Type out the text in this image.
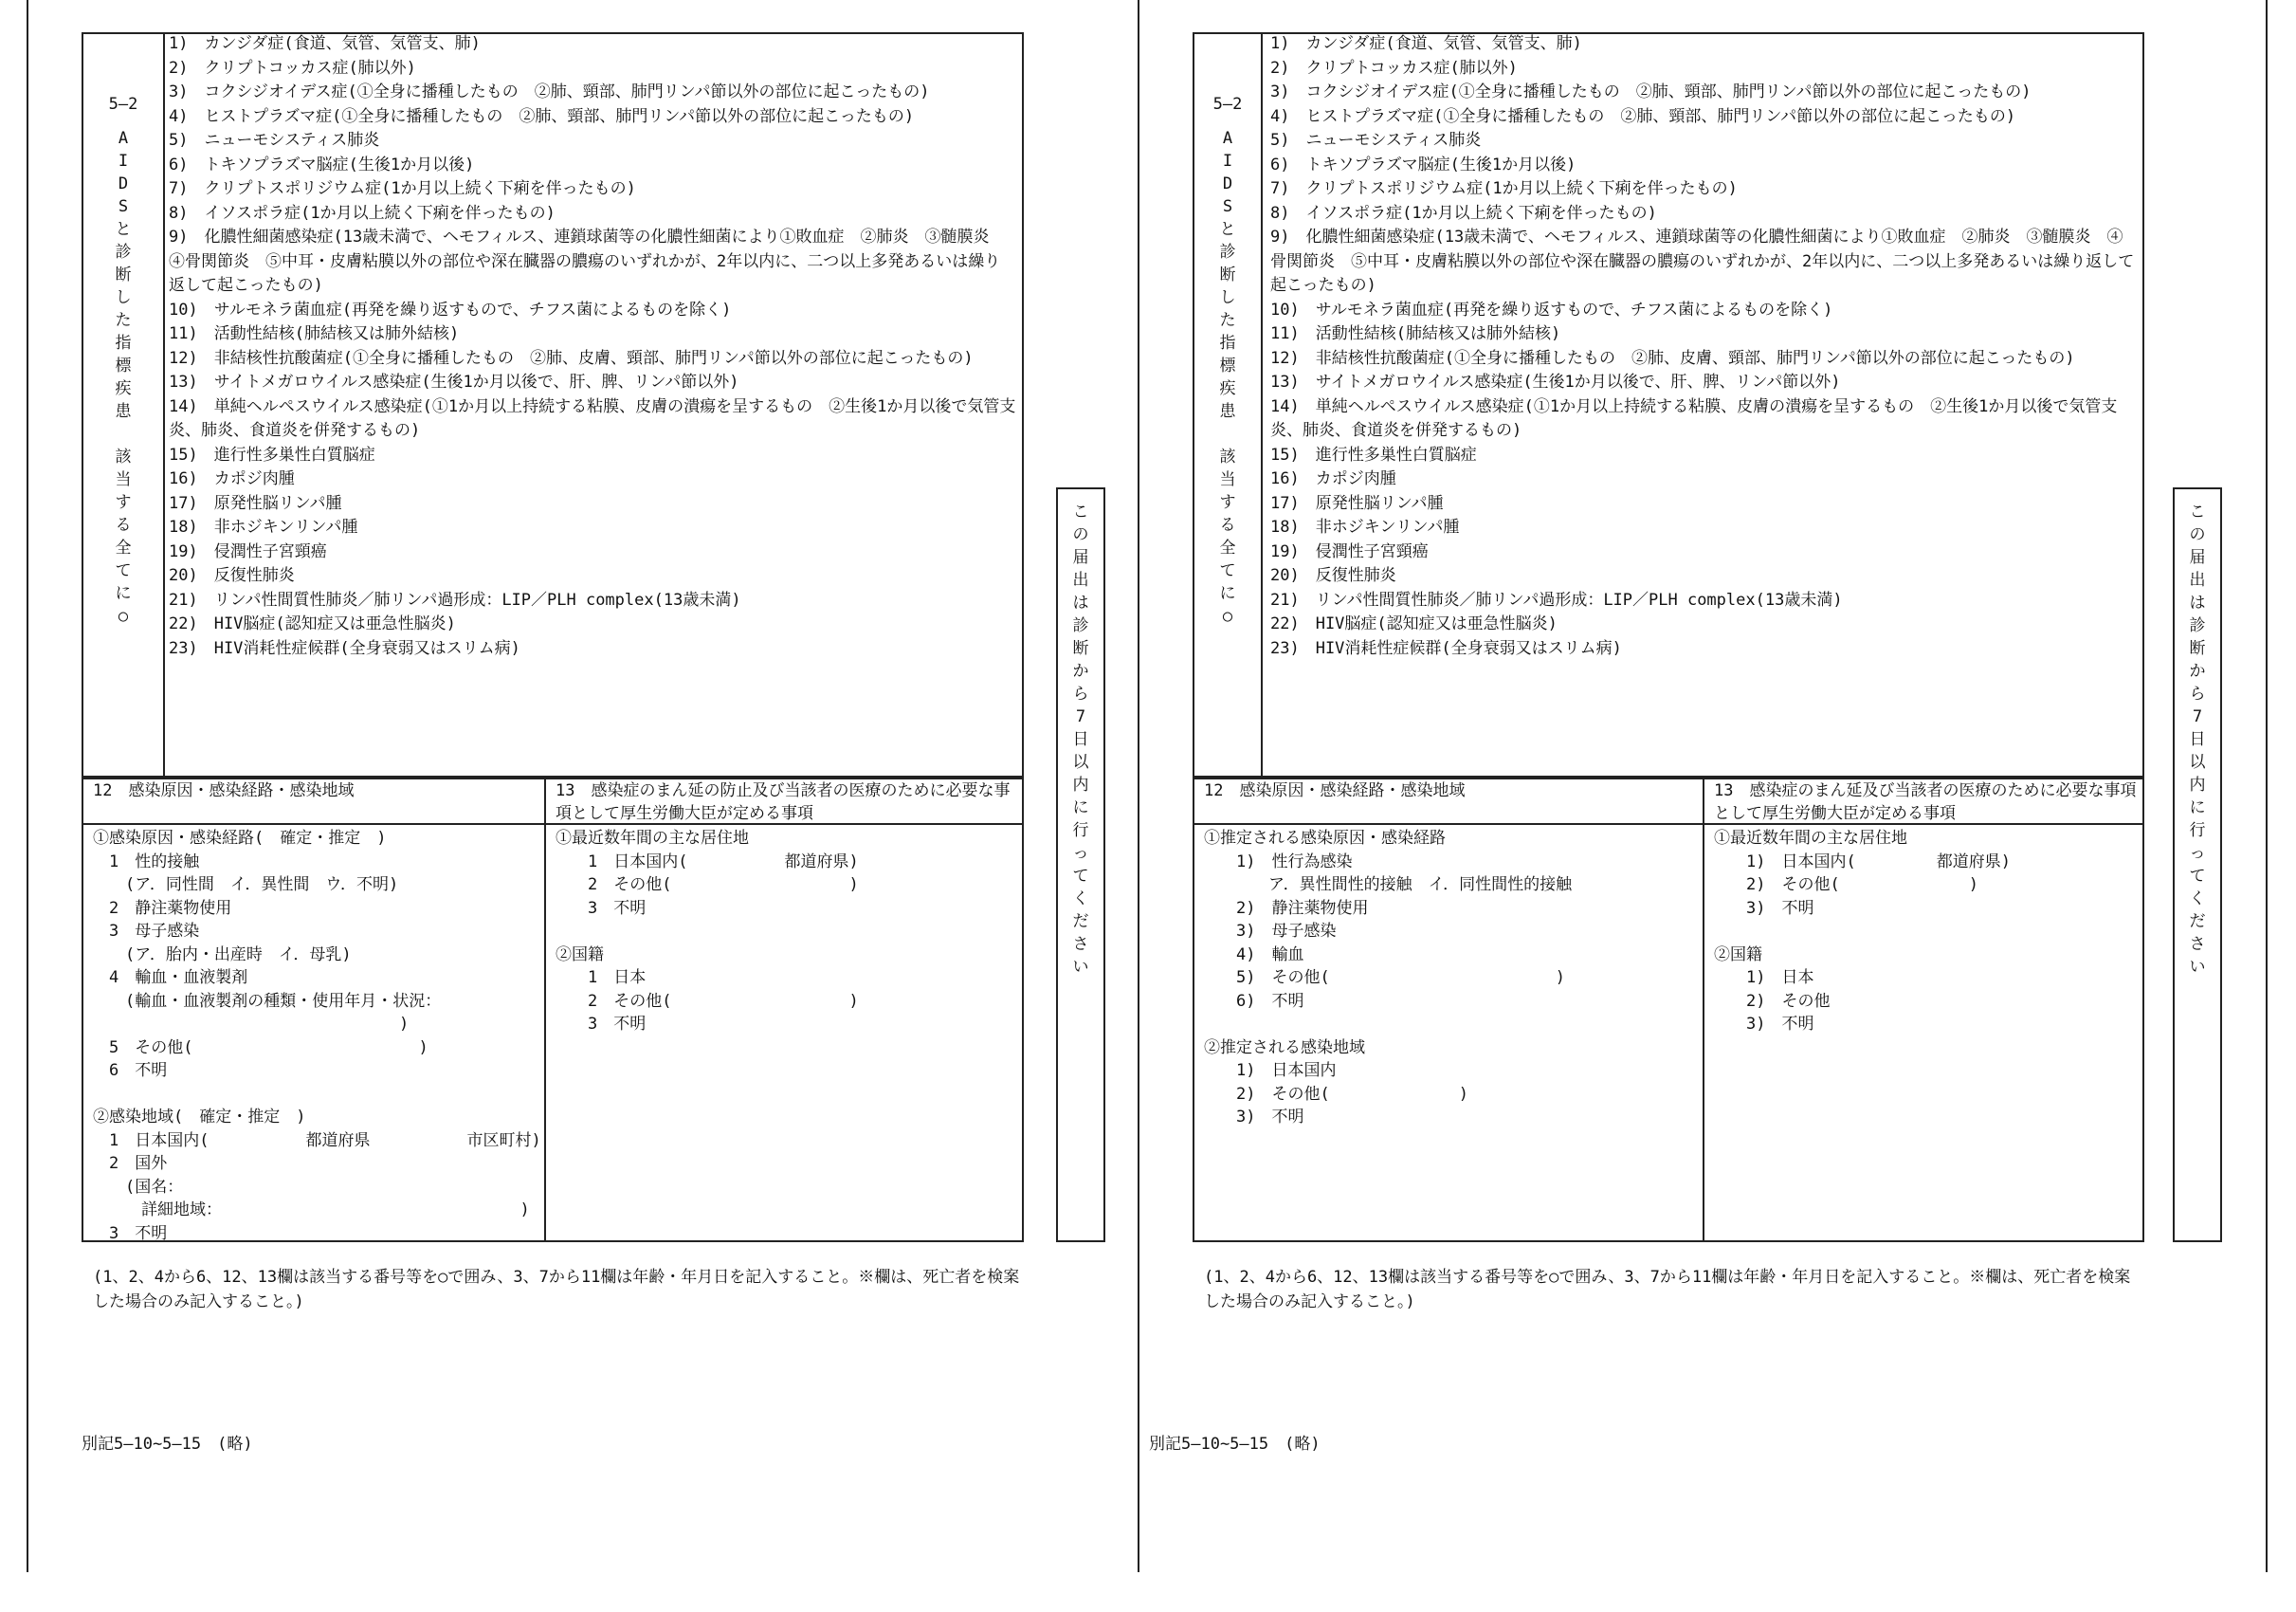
5—2
A
I
D
S
と
診
断
し
た
指
標
疾
患
該
当
す
る
全
て
に
○
1)　カンジダ症(食道、気管、気管支、肺)
2)　クリプトコッカス症(肺以外)
3)　コクシジオイデス症(①全身に播種したもの　②肺、頸部、肺門リンパ節以外の部位に起こったもの)
4)　ヒストプラズマ症(①全身に播種したもの　②肺、頸部、肺門リンパ節以外の部位に起こったもの)
5)　ニューモシスティス肺炎
6)　トキソプラズマ脳症(生後1か月以後)
7)　クリプトスポリジウム症(1か月以上続く下痢を伴ったもの)
8)　イソスポラ症(1か月以上続く下痢を伴ったもの)
9)　化膿性細菌感染症(13歳未満で、ヘモフィルス、連鎖球菌等の化膿性細菌により①敗血症　②肺炎　③髄膜炎　④骨関節炎　⑤中耳・皮膚粘膜以外の部位や深在臓器の膿瘍のいずれかが、2年以内に、二つ以上多発あるいは繰り返して起こったもの)
10)　サルモネラ菌血症(再発を繰り返すもので、チフス菌によるものを除く)
11)　活動性結核(肺結核又は肺外結核)
12)　非結核性抗酸菌症(①全身に播種したもの　②肺、皮膚、頸部、肺門リンパ節以外の部位に起こったもの)
13)　サイトメガロウイルス感染症(生後1か月以後で、肝、脾、リンパ節以外)
14)　単純ヘルペスウイルス感染症(①1か月以上持続する粘膜、皮膚の潰瘍を呈するもの　②生後1か月以後で気管支炎、肺炎、食道炎を併発するもの)
15)　進行性多巣性白質脳症
16)　カポジ肉腫
17)　原発性脳リンパ腫
18)　非ホジキンリンパ腫
19)　侵潤性子宮頸癌
20)　反復性肺炎
21)　リンパ性間質性肺炎／肺リンパ過形成：LIP／PLH complex(13歳未満)
22)　HIV脳症(認知症又は亜急性脳炎)
23)　HIV消耗性症候群(全身衰弱又はスリム病)
12　感染原因・感染経路・感染地域	13　感染症のまん延の防止及び当該者の医療のために必要な事項として厚生労働大臣が定める事項
①感染原因・感染経路(　確定・推定　)
　1　性的接触
　　(ア．同性間　イ．異性間　ウ．不明)
　2　静注薬物使用
　3　母子感染
　　(ア．胎内・出産時　イ．母乳)
　4　輸血・血液製剤
　　(輸血・血液製剤の種類・使用年月・状況：
　　　　　　　　　　　　　　　　　　　)
　5　その他(　　　　　　　　　　　　　　)
　6　不明

②感染地域(　確定・推定　)
　1　日本国内(　　　　　　都道府県　　　　　　市区町村)
　2　国外
　　(国名：
　　　詳細地域：　　　　　　　　　　　　　　　　　　　)
　3　不明
①最近数年間の主な居住地
　　1　日本国内(　　　　　　都道府県)
　　2　その他(　　　　　　　　　　　)
　　3　不明

②国籍
　　1　日本
　　2　その他(　　　　　　　　　　　)
　　3　不明
こ
の
届
出
は
診
断
か
ら
7
日
以
内
に
行
っ
て
く
だ
さ
い
(1、2、4から6、12、13欄は該当する番号等を○で囲み、3、7から11欄は年齢・年月日を記入すること。※欄は、死亡者を検案した場合のみ記入すること。)
別記5—10∼5—15　(略)
5—2
A
I
D
S
と
診
断
し
た
指
標
疾
患
該
当
す
る
全
て
に
○
1)　カンジダ症(食道、気管、気管支、肺)
2)　クリプトコッカス症(肺以外)
3)　コクシジオイデス症(①全身に播種したもの　②肺、頸部、肺門リンパ節以外の部位に起こったもの)
4)　ヒストプラズマ症(①全身に播種したもの　②肺、頸部、肺門リンパ節以外の部位に起こったもの)
5)　ニューモシスティス肺炎
6)　トキソプラズマ脳症(生後1か月以後)
7)　クリプトスポリジウム症(1か月以上続く下痢を伴ったもの)
8)　イソスポラ症(1か月以上続く下痢を伴ったもの)
9)　化膿性細菌感染症(13歳未満で、ヘモフィルス、連鎖球菌等の化膿性細菌により①敗血症　②肺炎　③髄膜炎　④骨関節炎　⑤中耳・皮膚粘膜以外の部位や深在臓器の膿瘍のいずれかが、2年以内に、二つ以上多発あるいは繰り返して起こったもの)
10)　サルモネラ菌血症(再発を繰り返すもので、チフス菌によるものを除く)
11)　活動性結核(肺結核又は肺外結核)
12)　非結核性抗酸菌症(①全身に播種したもの　②肺、皮膚、頸部、肺門リンパ節以外の部位に起こったもの)
13)　サイトメガロウイルス感染症(生後1か月以後で、肝、脾、リンパ節以外)
14)　単純ヘルペスウイルス感染症(①1か月以上持続する粘膜、皮膚の潰瘍を呈するもの　②生後1か月以後で気管支炎、肺炎、食道炎を併発するもの)
15)　進行性多巣性白質脳症
16)　カポジ肉腫
17)　原発性脳リンパ腫
18)　非ホジキンリンパ腫
19)　侵潤性子宮頸癌
20)　反復性肺炎
21)　リンパ性間質性肺炎／肺リンパ過形成：LIP／PLH complex(13歳未満)
22)　HIV脳症(認知症又は亜急性脳炎)
23)　HIV消耗性症候群(全身衰弱又はスリム病)
12　感染原因・感染経路・感染地域	13　感染症のまん延及び当該者の医療のために必要な事項として厚生労働大臣が定める事項
①推定される感染原因・感染経路
　　1)　性行為感染
　　　　ア．異性間性的接触　イ．同性間性的接触
　　2)　静注薬物使用
　　3)　母子感染
　　4)　輸血
　　5)　その他(　　　　　　　　　　　　　　)
　　6)　不明

②推定される感染地域
　　1)　日本国内
　　2)　その他(　　　　　　　　)
　　3)　不明
①最近数年間の主な居住地
　　1)　日本国内(　　　　　都道府県)
　　2)　その他(　　　　　　　　)
　　3)　不明

②国籍
　　1)　日本
　　2)　その他
　　3)　不明
こ
の
届
出
は
診
断
か
ら
7
日
以
内
に
行
っ
て
く
だ
さ
い
(1、2、4から6、12、13欄は該当する番号等を○で囲み、3、7から11欄は年齢・年月日を記入すること。※欄は、死亡者を検案した場合のみ記入すること。)
別記5—10∼5—15　(略)
